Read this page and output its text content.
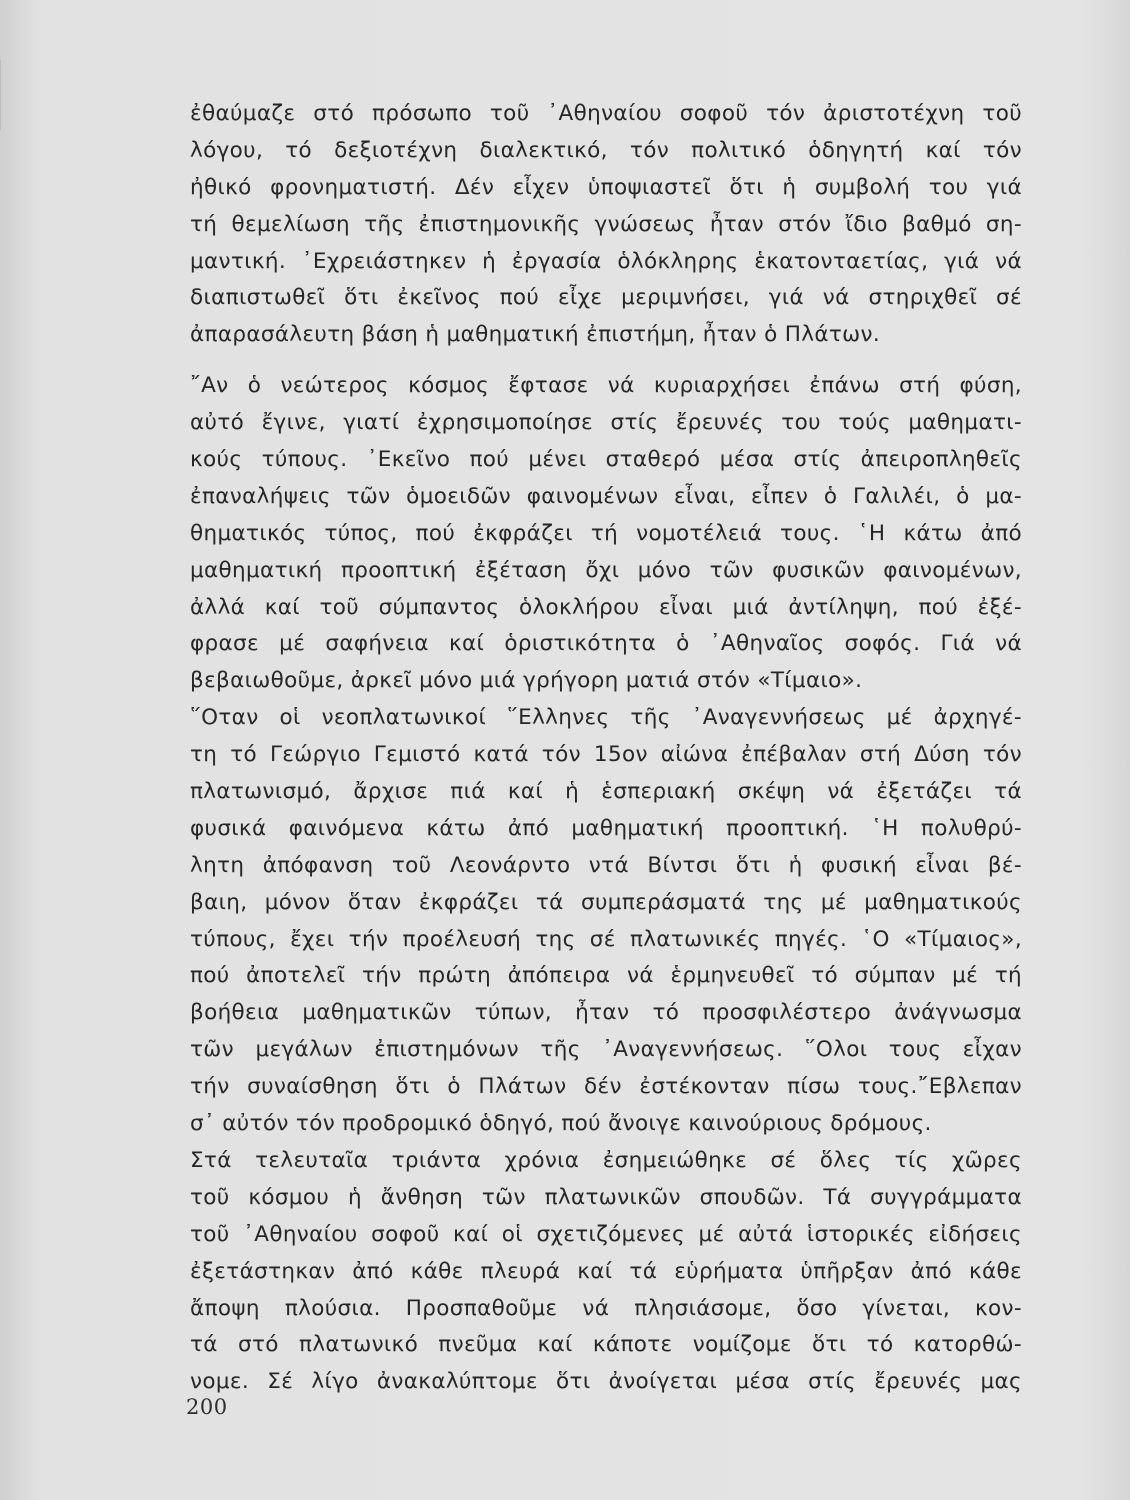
ἐθαύμαζε στό πρόσωπο τοῦ ᾿Αθηναίου σοφοῦ τόν ἀριστοτέχνη τοῦ
λόγου, τό δεξιοτέχνη διαλεκτικό, τόν πολιτικό ὁδηγητή καί τόν
ἠθικό φρονηματιστή. Δέν εἶχεν ὑποψιαστεῖ ὅτι ἡ συμβολή του γιά
τή θεμελίωση τῆς ἐπιστημονικῆς γνώσεως ἦταν στόν ἴδιο βαθμό ση-
μαντική. ᾿Εχρειάστηκεν ἡ ἐργασία ὁλόκληρης ἑκατονταετίας, γιά νά
διαπιστωθεῖ ὅτι ἐκεῖνος πού εἶχε μεριμνήσει, γιά νά στηριχθεῖ σέ
ἀπαρασάλευτη βάση ἡ μαθηματική ἐπιστήμη, ἦταν ὁ Πλάτων.
῎Αν ὁ νεώτερος κόσμος ἔφτασε νά κυριαρχήσει ἐπάνω στή φύση,
αὐτό ἔγινε, γιατί ἐχρησιμοποίησε στίς ἔρευνές του τούς μαθηματι-
κούς τύπους. ᾿Εκεῖνο πού μένει σταθερό μέσα στίς ἀπειροπληθεῖς
ἐπαναλήψεις τῶν ὁμοειδῶν φαινομένων εἶναι, εἶπεν ὁ Γαλιλέι, ὁ μα-
θηματικός τύπος, πού ἐκφράζει τή νομοτέλειά τους. ῾Η κάτω ἀπό
μαθηματική προοπτική ἐξέταση ὄχι μόνο τῶν φυσικῶν φαινομένων,
ἀλλά καί τοῦ σύμπαντος ὁλοκλήρου εἶναι μιά ἀντίληψη, πού ἐξέ-
φρασε μέ σαφήνεια καί ὁριστικότητα ὁ ᾿Αθηναῖος σοφός. Γιά νά
βεβαιωθοῦμε, ἀρκεῖ μόνο μιά γρήγορη ματιά στόν «Τίμαιο».
῞Οταν οἱ νεοπλατωνικοί ῞Ελληνες τῆς ᾿Αναγεννήσεως μέ ἀρχηγέ-
τη τό Γεώργιο Γεμιστό κατά τόν 15ον αἰώνα ἐπέβαλαν στή Δύση τόν
πλατωνισμό, ἄρχισε πιά καί ἡ ἑσπεριακή σκέψη νά ἐξετάζει τά
φυσικά φαινόμενα κάτω ἀπό μαθηματική προοπτική. ῾Η πολυθρύ-
λητη ἀπόφανση τοῦ Λεονάρντο ντά Βίντσι ὅτι ἡ φυσική εἶναι βέ-
βαιη, μόνον ὅταν ἐκφράζει τά συμπεράσματά της μέ μαθηματικούς
τύπους, ἔχει τήν προέλευσή της σέ πλατωνικές πηγές. ῾Ο «Τίμαιος»,
πού ἀποτελεῖ τήν πρώτη ἀπόπειρα νά ἑρμηνευθεῖ τό σύμπαν μέ τή
βοήθεια μαθηματικῶν τύπων, ἦταν τό προσφιλέστερο ἀνάγνωσμα
τῶν μεγάλων ἐπιστημόνων τῆς ᾿Αναγεννήσεως. ῞Ολοι τους εἶχαν
τήν συναίσθηση ὅτι ὁ Πλάτων δέν ἐστέκονταν πίσω τους.῎Εβλεπαν
σ᾿ αὐτόν τόν προδρομικό ὁδηγό, πού ἄνοιγε καινούριους δρόμους.
Στά τελευταῖα τριάντα χρόνια ἐσημειώθηκε σέ ὅλες τίς χῶρες
τοῦ κόσμου ἡ ἄνθηση τῶν πλατωνικῶν σπουδῶν. Τά συγγράμματα
τοῦ ᾿Αθηναίου σοφοῦ καί οἱ σχετιζόμενες μέ αὐτά ἱστορικές εἰδήσεις
ἐξετάστηκαν ἀπό κάθε πλευρά καί τά εὑρήματα ὑπῆρξαν ἀπό κάθε
ἄποψη πλούσια. Προσπαθοῦμε νά πλησιάσομε, ὅσο γίνεται, κον-
τά στό πλατωνικό πνεῦμα καί κάποτε νομίζομε ὅτι τό κατορθώ-
νομε. Σέ λίγο ἀνακαλύπτομε ὅτι ἀνοίγεται μέσα στίς ἔρευνές μας
200
